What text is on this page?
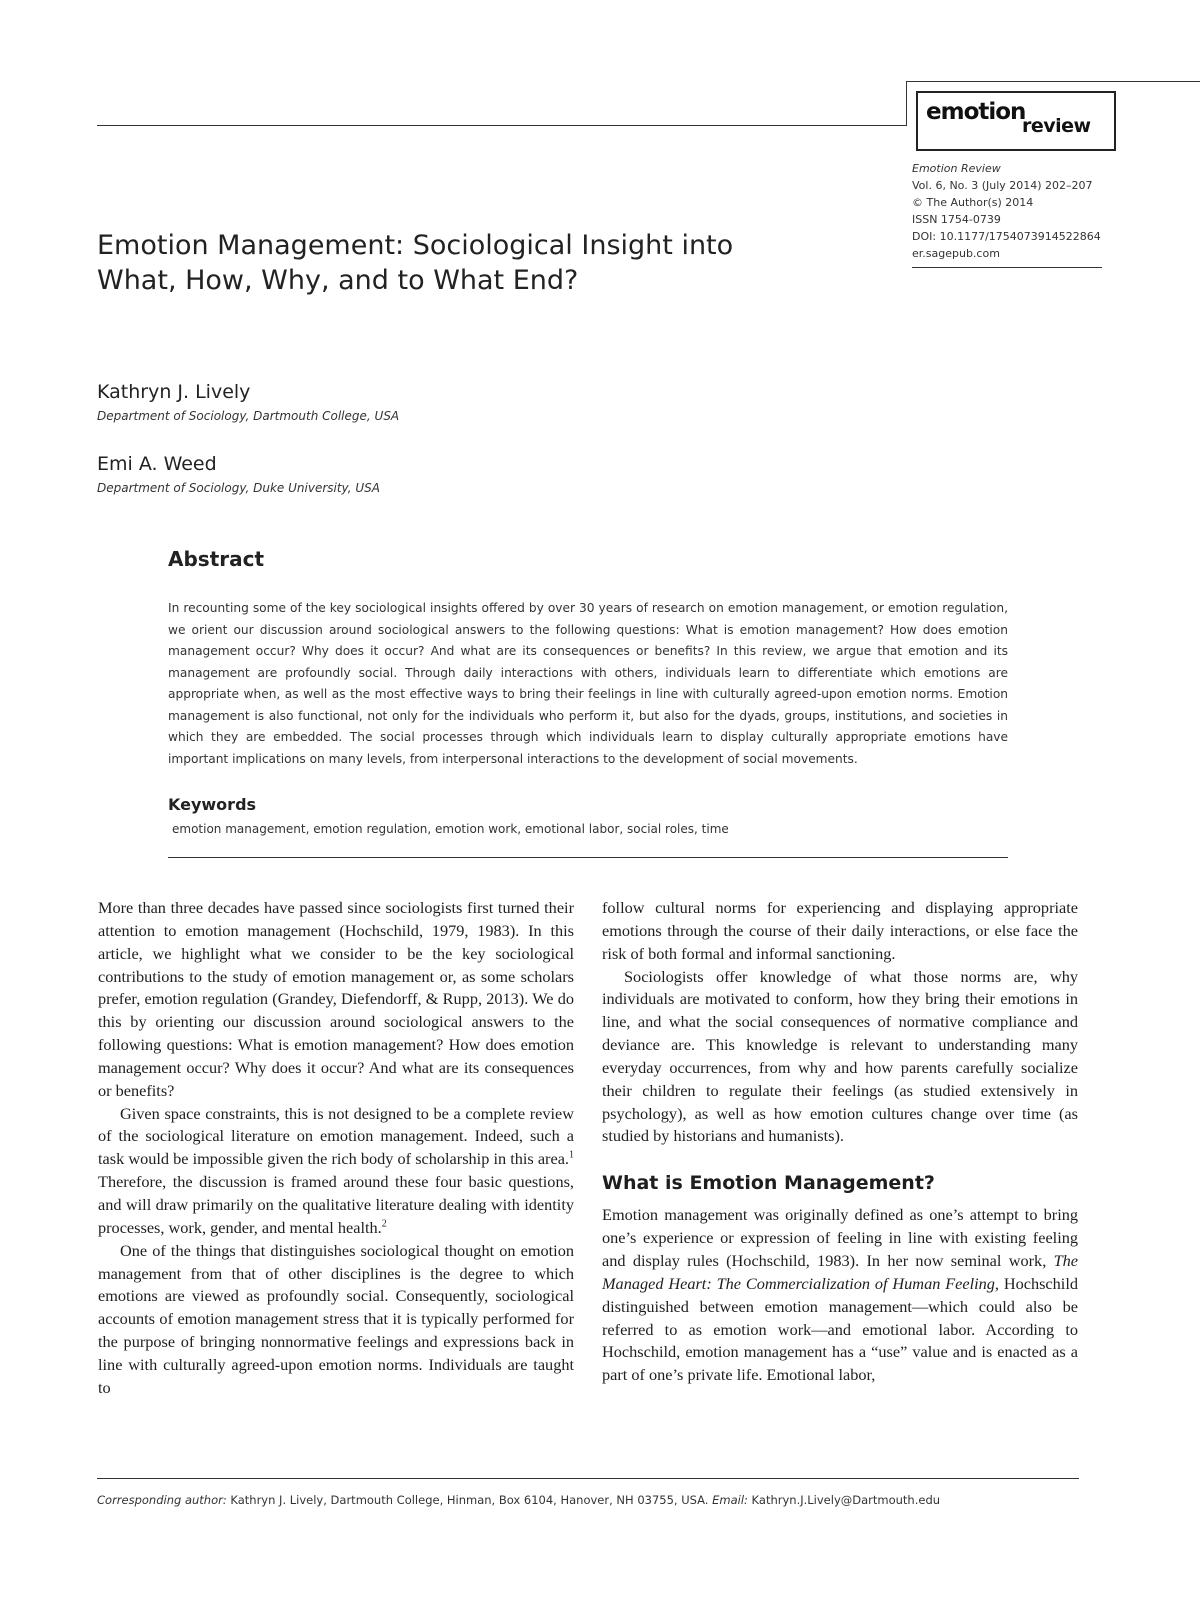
emotion
review
Emotion Review
Vol. 6, No. 3 (July 2014) 202–207
© The Author(s) 2014
ISSN 1754-0739
DOI: 10.1177/1754073914522864
er.sagepub.com
Emotion Management: Sociological Insight into
What, How, Why, and to What End?
Kathryn J. Lively
Department of Sociology, Dartmouth College, USA
Emi A. Weed
Department of Sociology, Duke University, USA
Abstract

In recounting some of the key sociological insights offered by over 30 years of research on emotion management, or emotion regulation, we orient our discussion around sociological answers to the following questions: What is emotion management? How does emotion management occur? Why does it occur? And what are its consequences or benefits? In this review, we argue that emotion and its management are profoundly social. Through daily interactions with others, individuals learn to differentiate which emotions are appropriate when, as well as the most effective ways to bring their feelings in line with culturally agreed-upon emotion norms. Emotion management is also functional, not only for the individuals who perform it, but also for the dyads, groups, institutions, and societies in which they are embedded. The social processes through which individuals learn to display culturally appropriate emotions have important implications on many levels, from interpersonal interactions to the development of social movements.

Keywords
emotion management, emotion regulation, emotion work, emotional labor, social roles, time

More than three decades have passed since sociologists first turned their attention to emotion management (Hochschild, 1979, 1983). In this article, we highlight what we consider to be the key sociological contributions to the study of emotion management or, as some scholars prefer, emotion regulation (Grandey, Diefendorff, & Rupp, 2013). We do this by orienting our discussion around sociological answers to the following questions: What is emotion management? How does emotion management occur? Why does it occur? And what are its consequences or benefits?

Given space constraints, this is not designed to be a complete review of the sociological literature on emotion management. Indeed, such a task would be impossible given the rich body of scholarship in this area.$^1$ Therefore, the discussion is framed around these four basic questions, and will draw primarily on the qualitative literature dealing with identity processes, work, gender, and mental health.$^2$

One of the things that distinguishes sociological thought on emotion management from that of other disciplines is the degree to which emotions are viewed as profoundly social. Consequently, sociological accounts of emotion management stress that it is typically performed for the purpose of bringing nonnormative feelings and expressions back in line with culturally agreed-upon emotion norms. Individuals are taught to

follow cultural norms for experiencing and displaying appropriate emotions through the course of their daily interactions, or else face the risk of both formal and informal sanctioning.

Sociologists offer knowledge of what those norms are, why individuals are motivated to conform, how they bring their emotions in line, and what the social consequences of normative compliance and deviance are. This knowledge is relevant to understanding many everyday occurrences, from why and how parents carefully socialize their children to regulate their feelings (as studied extensively in psychology), as well as how emotion cultures change over time (as studied by historians and humanists).

What is Emotion Management?

Emotion management was originally defined as one’s attempt to bring one’s experience or expression of feeling in line with existing feeling and display rules (Hochschild, 1983). In her now seminal work, The Managed Heart: The Commercialization of Human Feeling, Hochschild distinguished between emotion management—which could also be referred to as emotion work—and emotional labor. According to Hochschild, emotion management has a “use” value and is enacted as a part of one’s private life. Emotional labor,

Corresponding author: Kathryn J. Lively, Dartmouth College, Hinman, Box 6104, Hanover, NH 03755, USA. Email: Kathryn.J.Lively@Dartmouth.edu
